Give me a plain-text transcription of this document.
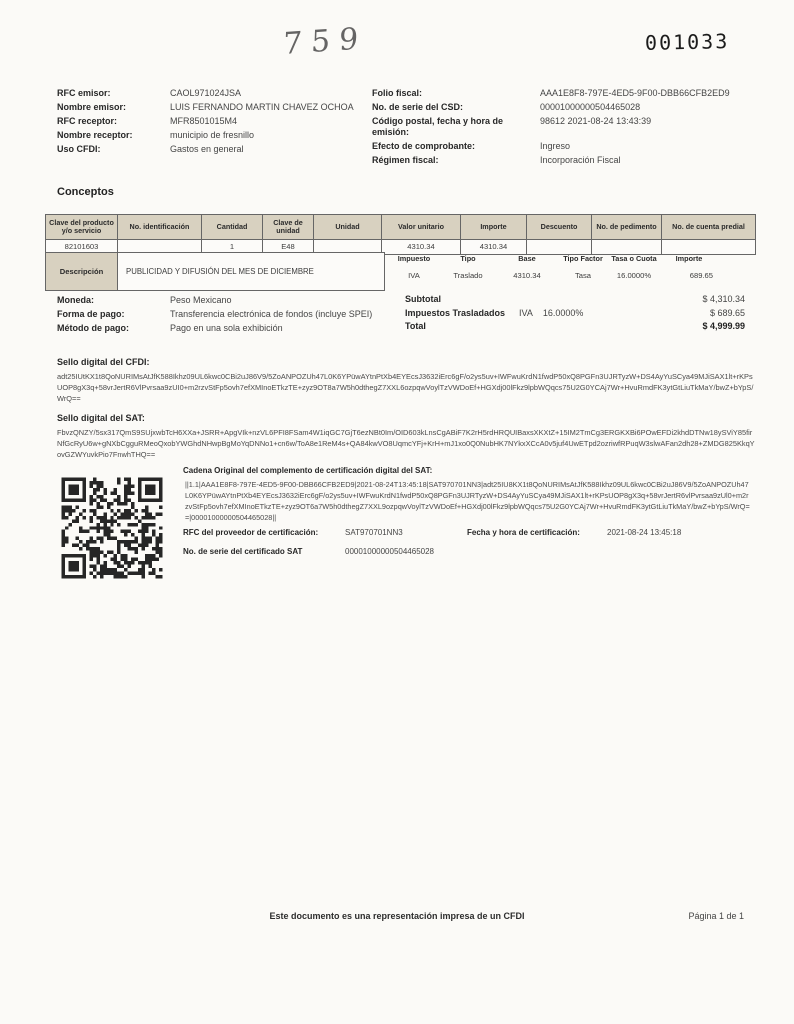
759	001033
RFC emisor:	CAOL971024JSA
Nombre emisor:	LUIS FERNANDO MARTIN CHAVEZ OCHOA
RFC receptor:	MFR8501015M4
Nombre receptor:	municipio de fresnillo
Uso CFDI:	Gastos en general
Folio fiscal:	AAA1E8F8-797E-4ED5-9F00-DBB66CFB2ED9
No. de serie del CSD:	00001000000504465028
Código postal, fecha y hora de emisión:
98612 2021-08-24 13:43:39
Efecto de comprobante:	Ingreso
Régimen fiscal:	Incorporación Fiscal
Conceptos
Clave del producto y/o servicio	No. identificación	Cantidad	Clave de unidad	Unidad	Valor unitario	Importe	Descuento	No. de pedimento	No. de cuenta predial
82101603		1	E48		4310.34	4310.34			
Descripción	PUBLICIDAD Y DIFUSIÓN DEL MES DE DICIEMBRE
Impuesto	Tipo	Base	Tipo Factor	Tasa o Cuota	Importe
IVA	Traslado	4310.34	Tasa	16.0000%	689.65
Moneda:	Peso Mexicano
Forma de pago:	Transferencia electrónica de fondos (incluye SPEI)
Método de pago:	Pago en una sola exhibición
Subtotal	$ 4,310.34
Impuestos Trasladados IVA 16.0000%	$ 689.65
Total	$ 4,999.99
Sello digital del CFDI:
adt25IUtKX1t8QoNURIMsAtJfK588Ikhz09UL6kwc0CBi2uJ86V9/5ZoANPOZUh47L0K6YPüwAYtnPtXb4EYEcsJ3632iErc6gF/o2ys5uv+IWFwuKrdN1fwdP50xQ8PGFn3UJRTyzW+DS4AyYuSCya49MJiSAX1lt+rKPsUOP8gX3q+58vrJertR6VlPvrsaa9zUI0+m2rzvStFp5ovh7efXMInoETkzTE+zyz9OT8a7W5h0dthegZ7XXL6ozpqwVoylTzVWDoEf+HGXdj00lFkz9lpbWQqcs75U2G0YCAj7Wr+HvuRmdFK3ytGtLiuTkMaY/bwZ+bYpS/WrQ==
Sello digital del SAT:
FbvzQNZY/5sx317QmS9SUjxwbTcH6XXa+JSRR+ApgVIk+nzVL6PFI8FSam4W1iqGC7GjT6ezNBt0Im/OID603kLnsCgABiF7K2rH5rdHRQUIBaxsXKXtZ+15IM2TmCg3ERGKXBi6POwEFDi2khdDTNw18ySViY85firNfGcRyU6w+gNXbCgguRMeoQxobYWGhdNHwpBgMoYqDNNo1+cn6w/ToA8e1ReM4s+QA84kwVO8UqmcYFj+KrH+mJ1xo0Q0NubHK7NYkxXCcA0v5juf4UwETpd2ozriwfRPuqW3slwAFan2dh28+ZMDG825KkqYovGZWYuvkPio7FnwhTHQ==
Cadena Original del complemento de certificación digital del SAT:
||1.1|AAA1E8F8-797E-4ED5-9F00-DBB66CFB2ED9|2021-08-24T13:45:18|SAT970701NN3|adt25IU8KX1t8QoNURIMsAtJfK588Ikhz09UL6kwc0CBi2uJ86V9/5ZoANPOZUh47L0K6YPüwAYtnPtXb4EYEcsJ3632iErc6gF/o2ys5uv+IWFwuKrdN1fwdP50xQ8PGFn3UJRTyzW+DS4AyYuSCya49MJiSAX1lt+rKPsUOP8gX3q+58vrJertR6vlPvrsaa9zUl0+m2rzvStFp5ovh7efXMInoETkzTE+zyz9OT6a7W5h0dthegZ7XXL9ozpqwVoylTzVWDoEf+HGXdj00lFkz9lpbWQqcs75U2G0YCAj7Wr+HvuRmdFK3ytGtLiuTkMaY/bwZ+bYpS/WrQ==|00001000000504465028||
RFC del proveedor de certificación:	SAT970701NN3	Fecha y hora de certificación:	2021-08-24 13:45:18
No. de serie del certificado SAT	00001000000504465028
Este documento es una representación impresa de un CFDI	Página 1 de 1
